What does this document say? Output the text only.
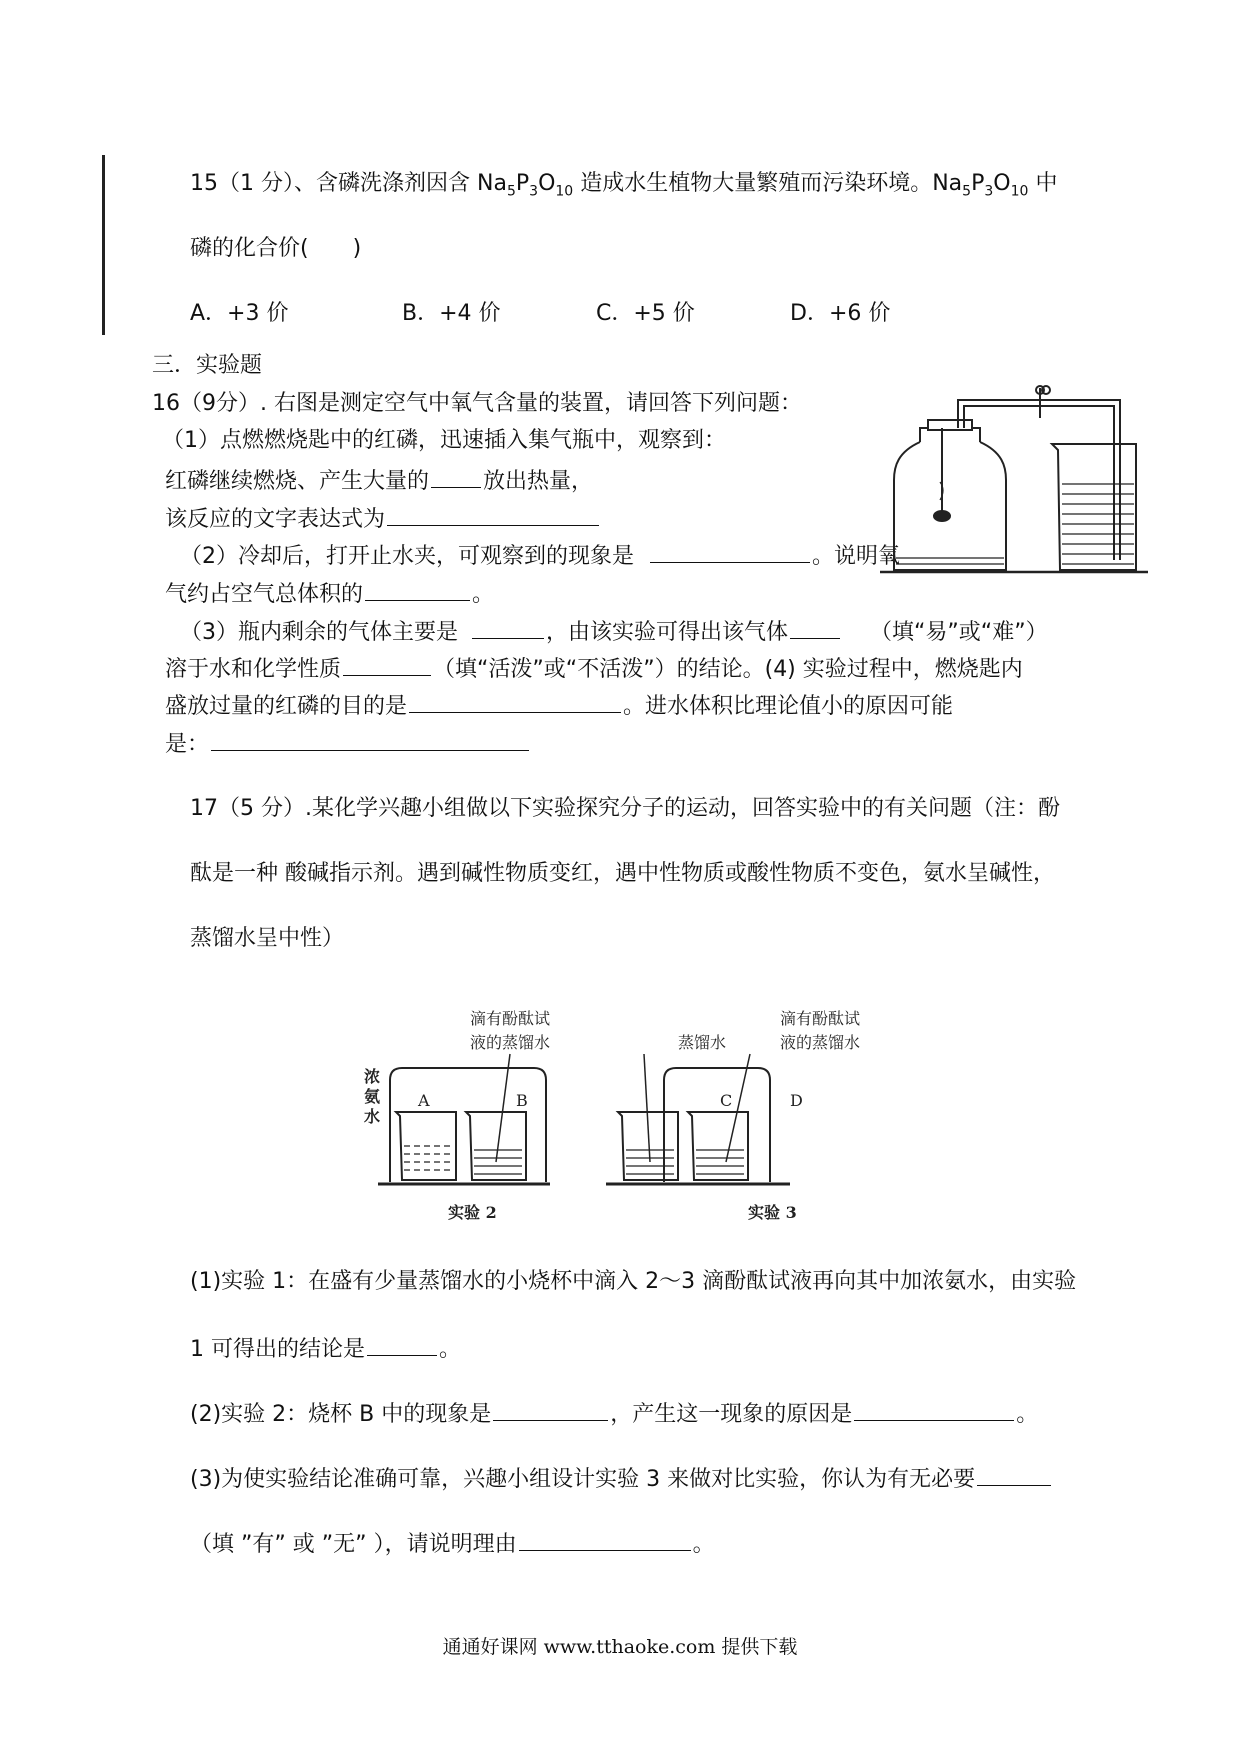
15（1 分）、含磷洗涤剂因含 $Na_5P_3O_{10}$ 造成水生植物大量繁殖而污染环境。$Na_5P_3O_{10}$ 中
磷的化合价(　　)
A．+3 价	B．+4 价	C．+5 价	D．+6 价
三．实验题
16（9分）. 右图是测定空气中氧气含量的装置，请回答下列问题：
（1）点燃燃烧匙中的红磷，迅速插入集气瓶中，观察到：
红磷继续燃烧、产生大量的 放出热量，
该反应的文字表达式为
（2）冷却后，打开止水夹，可观察到的现象是	。说明氧
气约占空气总体积的	。
（3）瓶内剩余的气体主要是	，由该实验可得出该气体	（填“易”或“难”）
溶于水和化学性质	（填“活泼”或“不活泼”）的结论。(4) 实验过程中，燃烧匙内
盛放过量的红磷的目的是	。进水体积比理论值小的原因可能
是：
17（5 分）.某化学兴趣小组做以下实验探究分子的运动，回答实验中的有关问题（注：酚
酞是一种 酸碱指示剂。遇到碱性物质变红，遇中性物质或酸性物质不变色，氨水呈碱性，
蒸馏水呈中性）
滴有酚酞试
液的蒸馏水
浓
氨
水
A	B
蒸馏水
C	D
滴有酚酞试
液的蒸馏水
实验 2	实验 3
(1)实验 1：在盛有少量蒸馏水的小烧杯中滴入 2～3 滴酚酞试液再向其中加浓氨水，由实验
1 可得出的结论是	。
(2)实验 2：烧杯 B 中的现象是	，产生这一现象的原因是	。
(3)为使实验结论准确可靠，兴趣小组设计实验 3 来做对比实验，你认为有无必要
（填 ”有” 或 ”无” ），请说明理由	。
通通好课网 www.tthaoke.com 提供下载
